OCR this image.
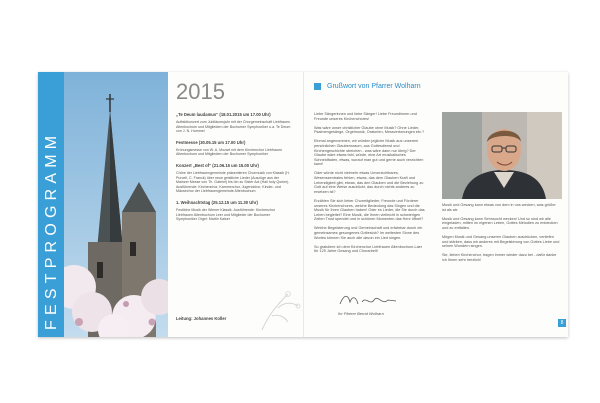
FESTPROGRAMM
2015
„Te Deum laudamus“ (18.01.2015 um 17.00 Uhr)
Auftaktkonzert zum Jubiläumsjahr mit der Chorgemeinschaft Liebfrauen Altenbochum und Mitgliedern der Bochumer Symphoniker u.a. Te Deum von J. N. Hummel
Festmesse (30.05.15 um 17.00 Uhr)
Krönungsmesse von W. A. Mozart mit dem Kirchenchor Liebfrauen Altenbochum und Mitgliedern der Bochumer Symphoniker
Konzert „Best of“ (21.06.15 um 15.00 Uhr)
Chöre der Liebfrauengemeinde präsentieren Chormusik von Klassik (H. Purcell, C. Franck) über neue geistliche Lieder (Auszüge aus der Mainzer Messe von Th. Gabriel) bis hin zu Sister Act (Hail holy Queen). Ausführende: Kirchenchor, Kammerchor, Jugendchor, Kinder- und Mäusechor der Liebfrauengemeinde Altenbochum
1. Weihnachtstag (25.12.15 um 11.30 Uhr)
Festliche Musik der Wiener Klassik. Ausführende: Kirchenchor Liebfrauen Altenbochum Leer und Mitglieder der Bochumer Symphoniker Orgel: Martin Kaiser
Leitung: Johannes Koller
Grußwort von Pfarrer Wolharn

Liebe Sängerinnen und liebe Sänger! Liebe Freundinnen und Freunde unseres Kirchenchores!

Was wäre unser christlicher Glaube ohne Musik? Ohne Lieder, Psalmengesänge, Orgelmusik, Oratorien, Messvertonungen etc.?

Einmal angenommen, wir würden jegliche Musik aus unserem persönlichen Glaubensraum, aus Gottesdienst und Kirchengeschichte streichen - was wäre dann nur übrig? Der Glaube wäre etwas fahl, würde, eine Art musikalisches Schneidfaden, etwas, worauf man gut und gerne auch verzichten kann!

Oder würde nicht vielmehr etwas Unverzichtbares, Wesenszentrales fehlen, etwas, das dem Glauben Kraft und Lebendigkeit gibt, etwas, das den Glauben und die Beziehung zu Gott auf eine Weise ausdrückt, das durch nichts anderes zu ersetzen ist?

Erzählen Sie sich lieber Chormitglieder, Freunde und Förderer unseres Kirchenchores, welche Bedeutung das Singen und die Musik für Ihren Glauben haben! Oder es Lieder, die Sie durch das Leben begleitet? Eine Musik, die Ihnen vielleicht in schwierigen Zeiten Trost spendet und in schönen Momenten das Herz öffnet?

Welche Begeisterung und Gemeinschaft und erfahrbar durch ein gemeinsames gesungenes Gotteslob? Im weitesten Sinne des Wortes können Sie auch alle davon ein Lied singen.

So gratuliere ich dem Kirchenchor Liebfrauen Altenbochum-Laer für 125 Jahre Gesang und Chorarbeit!

Ihr Pfarrer Bernd Wolharn

Musik und Gesang kann etwas von dem in uns wecken, was größer ist als wir.

Musik und Gesang kann Sehnsucht wecken! Und so sind wir alle eingeladen, mitten im eigenen Leben, Gottes Melodien zu entdecken und zu entfalten.

Mögen Musik und Gesang unseren Glauben ausdrücken, vertiefen und stärken, dass wir anderes mit Begeisterung von Gottes Liebe und seinen Wundern singen.

Sie, lieben Kirchenchor, tragen immer wieder dazu bei - dafür danke ich Ihnen sehr herzlich!

8
